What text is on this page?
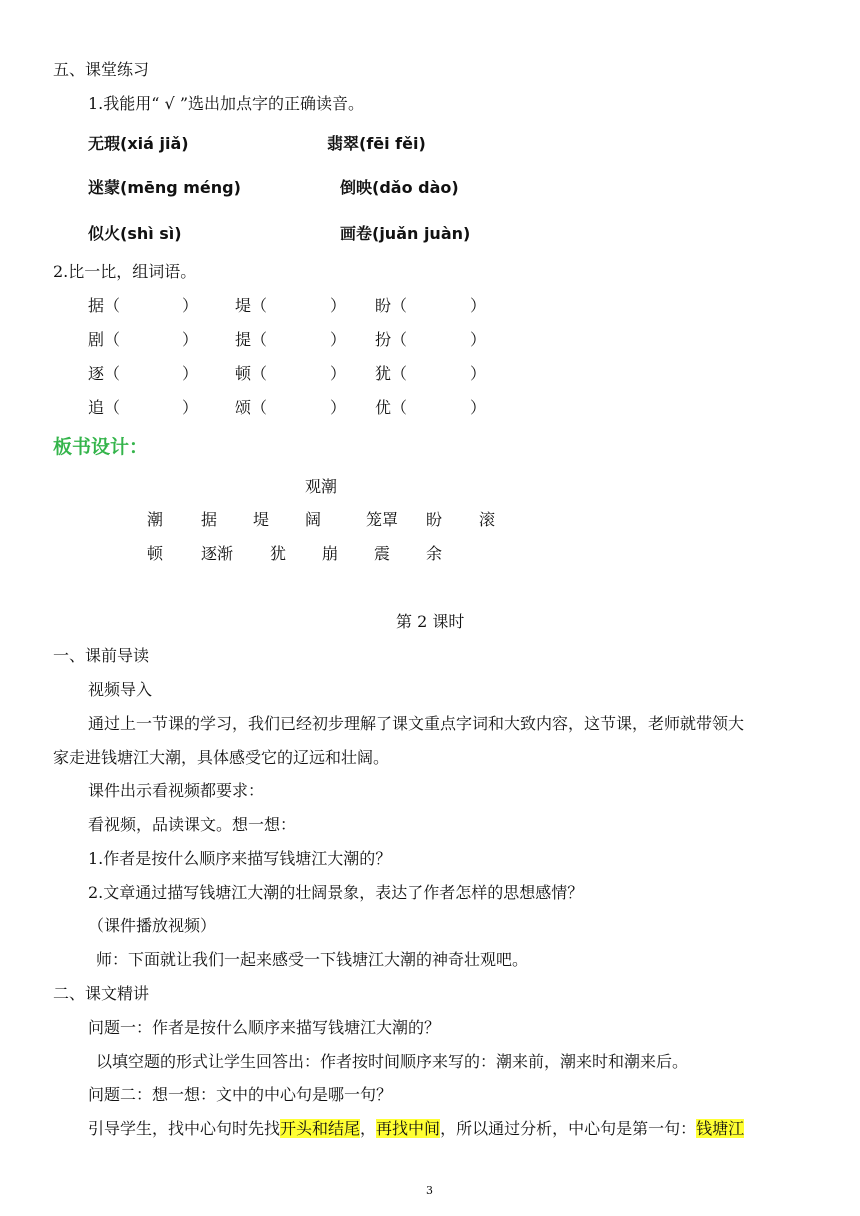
五、课堂练习
1.我能用“ √ ”选出加点字的正确读音。
无瑕(xiá jiǎ)	翡翠(fēi fěi)
迷蒙(mēng méng)	倒映(dǎo dào)
似火(shì sì)	画卷(juǎn juàn)
2.比一比，组词语。
据（	） 堤（	） 盼（	）
剧（	） 提（	） 扮（	）
逐（	） 顿（	） 犹（	）
追（	） 颂（	） 优（	）
板书设计：
观潮
潮 据 堤 阔	笼罩 盼 滚
顿 逐渐 犹 崩 震 余
第 2 课时
一、课前导读
视频导入
通过上一节课的学习，我们已经初步理解了课文重点字词和大致内容，这节课，老师就带领大
家走进钱塘江大潮，具体感受它的辽远和壮阔。
课件出示看视频都要求：
看视频，品读课文。想一想：
1.作者是按什么顺序来描写钱塘江大潮的？
2.文章通过描写钱塘江大潮的壮阔景象，表达了作者怎样的思想感情？
（课件播放视频）
师：下面就让我们一起来感受一下钱塘江大潮的神奇壮观吧。
二、课文精讲
问题一：作者是按什么顺序来描写钱塘江大潮的？
以填空题的形式让学生回答出：作者按时间顺序来写的：潮来前，潮来时和潮来后。
问题二：想一想：文中的中心句是哪一句？
引导学生，找中心句时先找开头和结尾，再找中间，所以通过分析，中心句是第一句：钱塘江
3
